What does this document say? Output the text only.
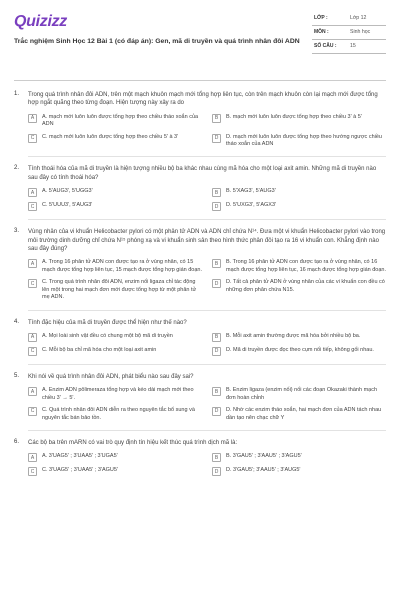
Quizizz
Trắc nghiệm Sinh Học 12 Bài 1 (có đáp án): Gen, mã di truyền và quá trình nhân đôi ADN
LỚP :	Lớp 12
MÔN :	Sinh học
SỐ CÂU :	15
1.	Trong quá trình nhân đôi ADN, trên một mạch khuôn mạch mới tổng hợp liên tục, còn trên mạch khuôn còn lại mạch mới được tổng hợp ngắt quãng theo từng đoạn. Hiện tượng này xảy ra do
A	A. mạch mới luôn luôn được tổng hợp theo chiều tháo xoắn của ADN
B	B. mạch mới luôn luôn được tổng hợp theo chiều 3' à 5'
C	C. mạch mới luôn luôn được tổng hợp theo chiều 5' à 3'	D	D. mạch mới luôn luôn được tổng hợp theo hướng ngược chiều tháo xoắn của ADN
2.	Tính thoái hóa của mã di truyền là hiện tượng nhiều bộ ba khác nhau cùng mã hóa cho một loại axit amin. Những mã di truyền nào sau đây có tính thoái hóa?
A	A. 5'AUG3', 5'UGG3'	B	B. 5'XAG3', 5'AUG3'
C	C. 5'UUU3', 5'AUG3'	D	D. 5'UXG3', 5'AGX3'
3.	Vùng nhân của vi khuẩn Helicobacter pylori có một phân tử ADN và ADN chỉ chứa N¹⁴. Đưa một vi khuẩn Helicobacter pylori vào trong môi trường dinh dưỡng chỉ chứa N¹⁵ phóng xạ và vi khuẩn sinh sản theo hình thức phân đôi tạo ra 16 vi khuẩn con. Khẳng định nào sau đây đúng?
A	A. Trong 16 phân tử ADN con được tạo ra ở vùng nhân, có 15 mạch được tổng hợp liên tục, 15 mạch được tổng hợp gián đoạn.
B	B. Trong 16 phân tử ADN con được tạo ra ở vùng nhân, có 16 mạch được tổng hợp liên tục, 16 mạch được tổng hợp gián đoạn.
C	C. Trong quá trình nhân đôi ADN, enzim nối ligaza chỉ tác động lên một trong hai mạch đơn mới được tổng hợp từ một phân tử mẹ ADN.
D	D. Tất cả phân tử ADN ở vùng nhân của các vi khuẩn con đều có những đơn phân chứa N15.
4.	Tính đặc hiệu của mã di truyền được thể hiện như thế nào?
A	A. Mọi loài sinh vật đều có chung một bộ mã di truyền	B	B. Mỗi axit amin thường được mã hóa bởi nhiều bộ ba.
C	C. Mỗi bộ ba chỉ mã hóa cho một loại axit amin	D	D. Mã di truyền được đọc theo cụm nối tiếp, không gối nhau.
5.	Khi nói về quá trình nhân đôi ADN, phát biểu nào sau đây sai?
A	A. Enzim ADN pôlimeraza tổng hợp và kéo dài mạch mới theo chiều 3' → 5'.
B	B. Enzim ligaza (enzim nối) nối các đoạn Okazaki thành mạch đơn hoàn chỉnh
C	C. Quá trình nhân đôi ADN diễn ra theo nguyên tắc bổ sung và nguyên tắc bán bảo tồn.
D	D. Nhờ các enzim tháo xoắn, hai mạch đơn của ADN tách nhau dần tạo nên chạc chữ Y
6.	Các bộ ba trên mARN có vai trò quy định tín hiệu kết thúc quá trình dịch mã là:
A	A. 3'UAG5' ; 3'UAA5' ; 3'UGA5'	B	B. 3'GAU5' ; 3'AAU5' ; 3'AGU5'
C	C. 3'UAG5' ; 3'UAA5' ; 3'AGU5'	D	D. 3'GAU5'; 3'AAU5' ; 3'AUG5'
